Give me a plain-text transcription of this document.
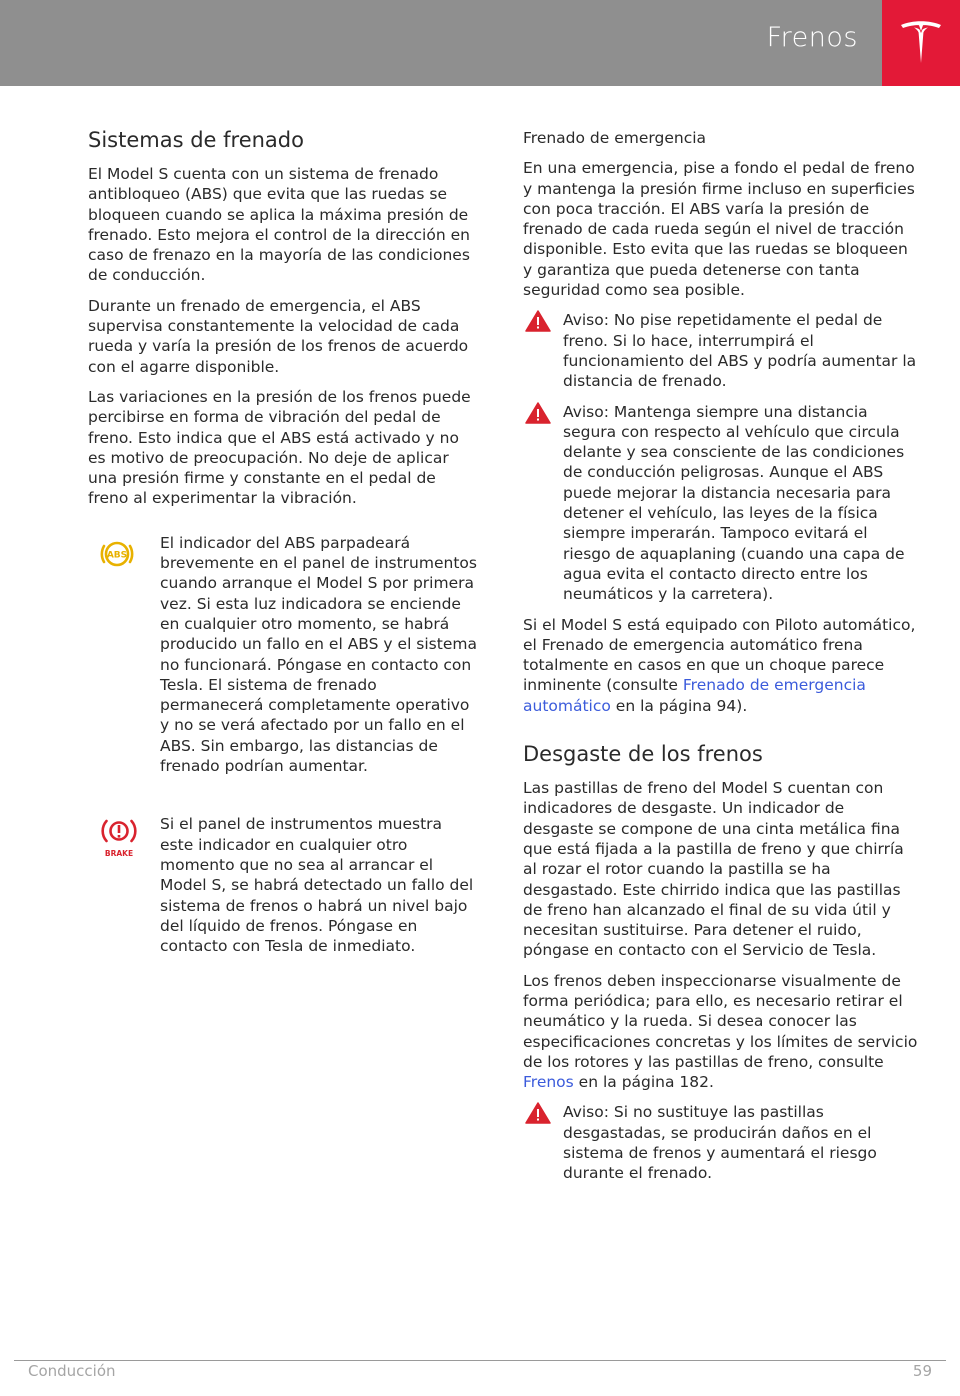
Frenos
Sistemas de frenado

El Model S cuenta con un sistema de frenado antibloqueo (ABS) que evita que las ruedas se bloqueen cuando se aplica la máxima presión de frenado. Esto mejora el control de la dirección en caso de frenazo en la mayoría de las condiciones de conducción.

Durante un frenado de emergencia, el ABS supervisa constantemente la velocidad de cada rueda y varía la presión de los frenos de acuerdo con el agarre disponible.

Las variaciones en la presión de los frenos puede percibirse en forma de vibración del pedal de freno. Esto indica que el ABS está activado y no es motivo de preocupación. No deje de aplicar una presión firme y constante en el pedal de freno al experimentar la vibración.

ABS

El indicador del ABS parpadeará brevemente en el panel de instrumentos cuando arranque el Model S por primera vez. Si esta luz indicadora se enciende en cualquier otro momento, se habrá producido un fallo en el ABS y el sistema no funcionará. Póngase en contacto con Tesla. El sistema de frenado permanecerá completamente operativo y no se verá afectado por un fallo en el ABS. Sin embargo, las distancias de frenado podrían aumentar.

BRAKE

Si el panel de instrumentos muestra este indicador en cualquier otro momento que no sea al arrancar el Model S, se habrá detectado un fallo del sistema de frenos o habrá un nivel bajo del líquido de frenos. Póngase en contacto con Tesla de inmediato.

Frenado de emergencia

En una emergencia, pise a fondo el pedal de freno y mantenga la presión firme incluso en superficies con poca tracción. El ABS varía la presión de frenado de cada rueda según el nivel de tracción disponible. Esto evita que las ruedas se bloqueen y garantiza que pueda detenerse con tanta seguridad como sea posible.

Aviso: No pise repetidamente el pedal de freno. Si lo hace, interrumpirá el funcionamiento del ABS y podría aumentar la distancia de frenado.

Aviso: Mantenga siempre una distancia segura con respecto al vehículo que circula delante y sea consciente de las condiciones de conducción peligrosas. Aunque el ABS puede mejorar la distancia necesaria para detener el vehículo, las leyes de la física siempre imperarán. Tampoco evitará el riesgo de aquaplaning (cuando una capa de agua evita el contacto directo entre los neumáticos y la carretera).

Si el Model S está equipado con Piloto automático, el Frenado de emergencia automático frena totalmente en casos en que un choque parece inminente (consulte Frenado de emergencia automático en la página 94).

Desgaste de los frenos

Las pastillas de freno del Model S cuentan con indicadores de desgaste. Un indicador de desgaste se compone de una cinta metálica fina que está fijada a la pastilla de freno y que chirría al rozar el rotor cuando la pastilla se ha desgastado. Este chirrido indica que las pastillas de freno han alcanzado el final de su vida útil y necesitan sustituirse. Para detener el ruido, póngase en contacto con el Servicio de Tesla.

Los frenos deben inspeccionarse visualmente de forma periódica; para ello, es necesario retirar el neumático y la rueda. Si desea conocer las especificaciones concretas y los límites de servicio de los rotores y las pastillas de freno, consulte Frenos en la página 182.

Aviso: Si no sustituye las pastillas desgastadas, se producirán daños en el sistema de frenos y aumentará el riesgo durante el frenado.

Conducción	59
